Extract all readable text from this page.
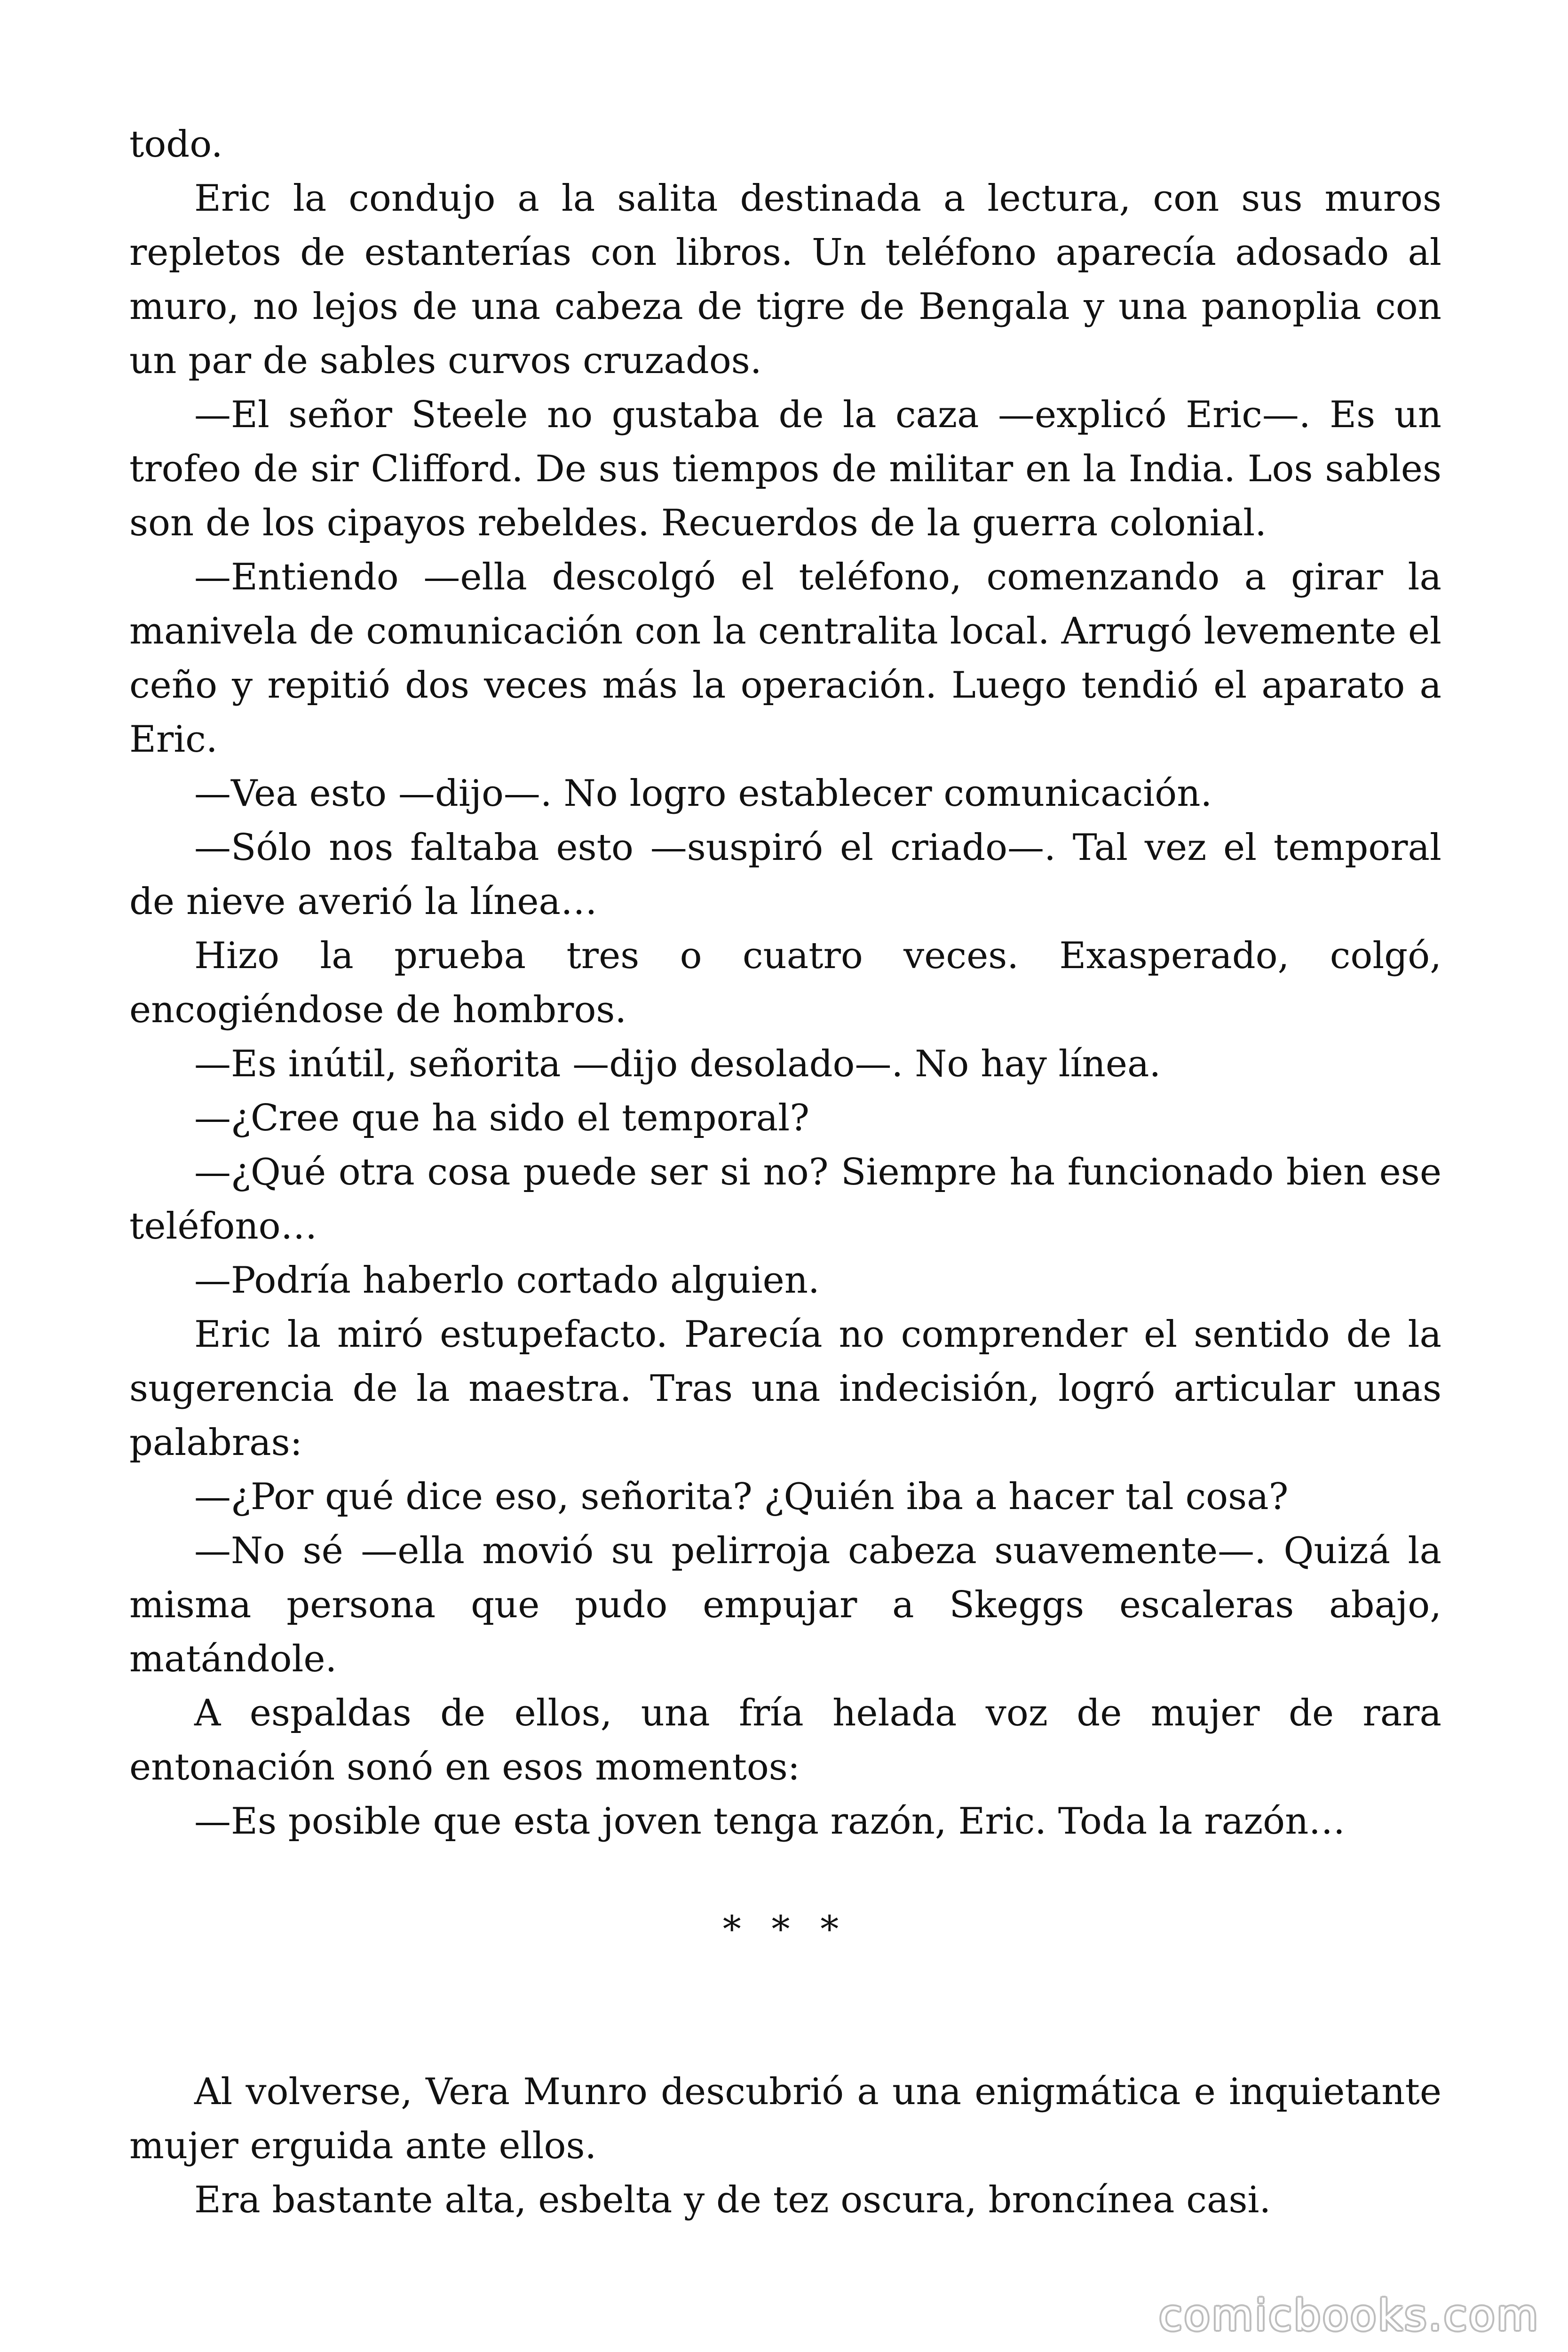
todo.

Eric la condujo a la salita destinada a lectura, con sus muros repletos de estanterías con libros. Un teléfono aparecía adosado al muro, no lejos de una cabeza de tigre de Bengala y una panoplia con un par de sables curvos cruzados.

—El señor Steele no gustaba de la caza —explicó Eric—. Es un trofeo de sir Clifford. De sus tiempos de militar en la India. Los sables son de los cipayos rebeldes. Recuerdos de la guerra colonial.

—Entiendo —ella descolgó el teléfono, comenzando a girar la manivela de comunicación con la centralita local. Arrugó levemente el ceño y repitió dos veces más la operación. Luego tendió el aparato a Eric.

—Vea esto —dijo—. No logro establecer comunicación.

—Sólo nos faltaba esto —suspiró el criado—. Tal vez el temporal de nieve averió la línea…

Hizo la prueba tres o cuatro veces. Exasperado, colgó, encogiéndose de hombros.

—Es inútil, señorita —dijo desolado—. No hay línea.

—¿Cree que ha sido el temporal?

—¿Qué otra cosa puede ser si no? Siempre ha funcionado bien ese teléfono…

—Podría haberlo cortado alguien.

Eric la miró estupefacto. Parecía no comprender el sentido de la sugerencia de la maestra. Tras una indecisión, logró articular unas palabras:

—¿Por qué dice eso, señorita? ¿Quién iba a hacer tal cosa?

—No sé —ella movió su pelirroja cabeza suavemente—. Quizá la misma persona que pudo empujar a Skeggs escaleras abajo, matándole.

A espaldas de ellos, una fría helada voz de mujer de rara entonación sonó en esos momentos:

—Es posible que esta joven tenga razón, Eric. Toda la razón…

* * *

Al volverse, Vera Munro descubrió a una enigmática e inquietante mujer erguida ante ellos.

Era bastante alta, esbelta y de tez oscura, broncínea casi.

comicbooks.com
